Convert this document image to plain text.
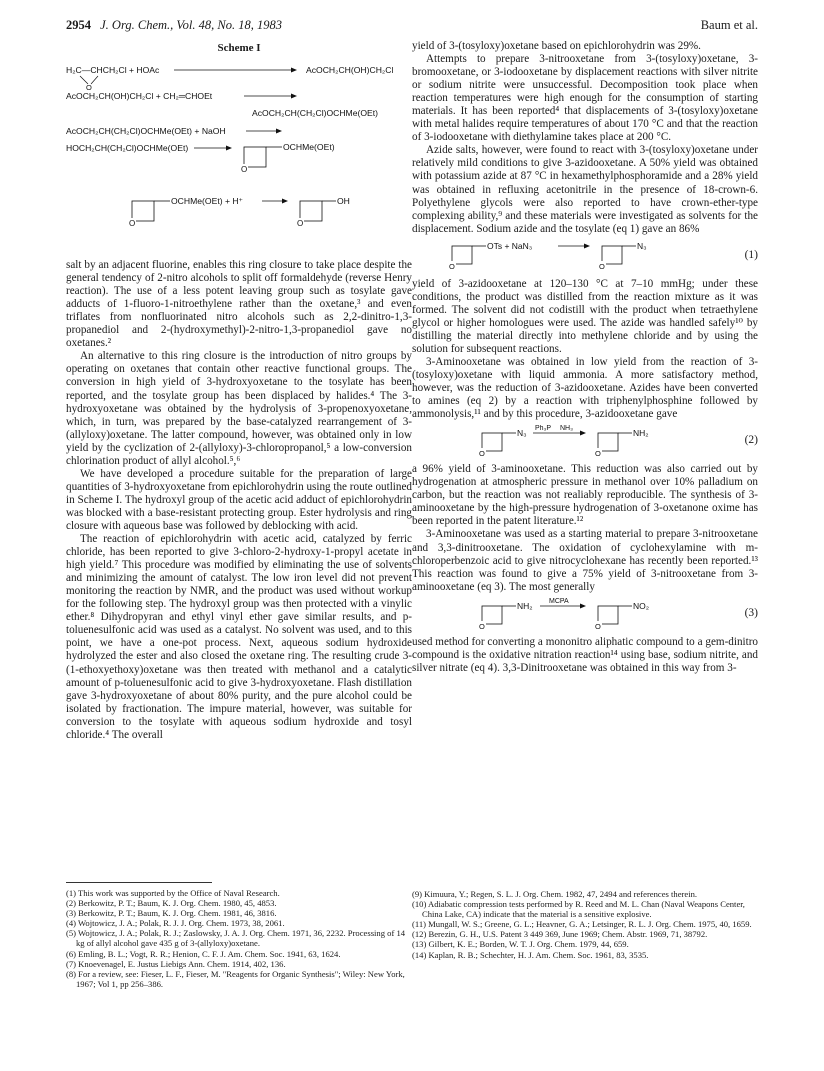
2954 J. Org. Chem., Vol. 48, No. 18, 1983	Baum et al.
Scheme I
H₂C—CHCH₂Cl + HOAc
O
AcOCH₂CH(OH)CH₂Cl
AcOCH₂CH(OH)CH₂Cl + CH₂═CHOEt
AcOCH₂CH(CH₂Cl)OCHMe(OEt)
AcOCH₂CH(CH₂Cl)OCHMe(OEt) + NaOH
HOCH₂CH(CH₂Cl)OCHMe(OEt)
O
OCHMe(OEt)
O
OCHMe(OEt) + H⁺
O
OH

salt by an adjacent fluorine, enables this ring closure to take place despite the general tendency of 2-nitro alcohols to split off formaldehyde (reverse Henry reaction). The use of a less potent leaving group such as tosylate gave adducts of 1-fluoro-1-nitroethylene rather than the oxetane,³ and even triflates from nonfluorinated nitro alcohols such as 2,2-dinitro-1,3-propanediol and 2-(hydroxymethyl)-2-nitro-1,3-propanediol gave no oxetanes.²

An alternative to this ring closure is the introduction of nitro groups by operating on oxetanes that contain other reactive functional groups. The conversion in high yield of 3-hydroxyoxetane to the tosylate has been reported, and the tosylate group has been displaced by halides.⁴ The 3-hydroxyoxetane was obtained by the hydrolysis of 3-propenoxyoxetane, which, in turn, was prepared by the base-catalyzed rearrangement of 3-(allyloxy)oxetane. The latter compound, however, was obtained only in low yield by the cyclization of 2-(allyloxy)-3-chloropropanol,⁵ a low-conversion chlorination product of allyl alcohol.⁵,⁶

We have developed a procedure suitable for the preparation of large quantities of 3-hydroxyoxetane from epichlorohydrin using the route outlined in Scheme I. The hydroxyl group of the acetic acid adduct of epichlorohydrin was blocked with a base-resistant protecting group. Ester hydrolysis and ring closure with aqueous base was followed by deblocking with acid.

The reaction of epichlorohydrin with acetic acid, catalyzed by ferric chloride, has been reported to give 3-chloro-2-hydroxy-1-propyl acetate in high yield.⁷ This procedure was modified by eliminating the use of solvents and minimizing the amount of catalyst. The low iron level did not prevent monitoring the reaction by NMR, and the product was used without workup for the following step. The hydroxyl group was then protected with a vinylic ether.⁸ Dihydropyran and ethyl vinyl ether gave similar results, and p-toluenesulfonic acid was used as a catalyst. No solvent was used, and to this point, we have a one-pot process. Next, aqueous sodium hydroxide hydrolyzed the ester and also closed the oxetane ring. The resulting crude 3-(1-ethoxyethoxy)oxetane was then treated with methanol and a catalytic amount of p-toluenesulfonic acid to give 3-hydroxyoxetane. Flash distillation gave 3-hydroxyoxetane of about 80% purity, and the pure alcohol could be isolated by fractionation. The impure material, however, was suitable for conversion to the tosylate with aqueous sodium hydroxide and tosyl chloride.⁴ The overall

yield of 3-(tosyloxy)oxetane based on epichlorohydrin was 29%.

Attempts to prepare 3-nitrooxetane from 3-(tosyloxy)oxetane, 3-bromooxetane, or 3-iodooxetane by displacement reactions with silver nitrite or sodium nitrite were unsuccessful. Decomposition took place when reaction temperatures were high enough for the consumption of starting materials. It has been reported⁴ that displacements of 3-(tosyloxy)oxetane with metal halides require temperatures of about 170 °C and that the reaction of 3-iodooxetane with diethylamine takes place at 200 °C.

Azide salts, however, were found to react with 3-(tosyloxy)oxetane under relatively mild conditions to give 3-azidooxetane. A 50% yield was obtained with potassium azide at 87 °C in hexamethylphosphoramide and a 28% yield was obtained in refluxing acetonitrile in the presence of 18-crown-6. Polyethylene glycols were also reported to have crown-ether-type complexing ability,⁹ and these materials were investigated as solvents for the displacement. Sodium azide and the tosylate (eq 1) gave an 86%

O
OTs + NaN₃
O
N₃
(1)

yield of 3-azidooxetane at 120–130 °C at 7–10 mmHg; under these conditions, the product was distilled from the reaction mixture as it was formed. The solvent did not codistill with the product when tetraethylene glycol or higher homologues were used. The azide was handled safely¹⁰ by distilling the material directly into methylene chloride and by using the solution for subsequent reactions.

3-Aminooxetane was obtained in low yield from the reaction of 3-(tosyloxy)oxetane with liquid ammonia. A more satisfactory method, however, was the reduction of 3-azidooxetane. Azides have been converted to amines (eq 2) by a reaction with triphenylphosphine followed by ammonolysis,¹¹ and by this procedure, 3-azidooxetane gave

O
N₃ Ph₃P NH₃
O
NH₂
(2)

a 96% yield of 3-aminooxetane. This reduction was also carried out by hydrogenation at atmospheric pressure in methanol over 10% palladium on carbon, but the reaction was not realiably reproducible. The synthesis of 3-aminooxetane by the high-pressure hydrogenation of 3-oxetanone oxime has been reported in the patent literature.¹²

3-Aminooxetane was used as a starting material to prepare 3-nitrooxetane and 3,3-dinitrooxetane. The oxidation of cyclohexylamine with m-chloroperbenzoic acid to give nitrocyclohexane has recently been reported.¹³ This reaction was found to give a 75% yield of 3-nitrooxetane from 3-aminooxetane (eq 3). The most generally

O
NH₂ MCPA
O
NO₂
(3)

used method for converting a mononitro aliphatic compound to a gem-dinitro compound is the oxidative nitration reaction¹⁴ using base, sodium nitrite, and silver nitrate (eq 4). 3,3-Dinitrooxetane was obtained in this way from 3-

(1) This work was supported by the Office of Naval Research.

(2) Berkowitz, P. T.; Baum, K. J. Org. Chem. 1980, 45, 4853.

(3) Berkowitz, P. T.; Baum, K. J. Org. Chem. 1981, 46, 3816.

(4) Wojtowicz, J. A.; Polak, R. J. J. Org. Chem. 1973, 38, 2061.

(5) Wojtowicz, J. A.; Polak, R. J.; Zaslowsky, J. A. J. Org. Chem. 1971, 36, 2232. Processing of 14 kg of allyl alcohol gave 435 g of 3-(allyloxy)oxetane.

(6) Emling, B. L.; Vogt, R. R.; Henion, C. F. J. Am. Chem. Soc. 1941, 63, 1624.

(7) Knoevenagel, E. Justus Liebigs Ann. Chem. 1914, 402, 136.

(8) For a review, see: Fieser, L. F., Fieser, M. "Reagents for Organic Synthesis"; Wiley: New York, 1967; Vol 1, pp 256–386.

(9) Kimuura, Y.; Regen, S. L. J. Org. Chem. 1982, 47, 2494 and references therein.

(10) Adiabatic compression tests performed by R. Reed and M. L. Chan (Naval Weapons Center, China Lake, CA) indicate that the material is a sensitive explosive.

(11) Mungall, W. S.; Greene, G. L.; Heavner, G. A.; Letsinger, R. L. J. Org. Chem. 1975, 40, 1659.

(12) Berezin, G. H., U.S. Patent 3 449 369, June 1969; Chem. Abstr. 1969, 71, 38792.

(13) Gilbert, K. E.; Borden, W. T. J. Org. Chem. 1979, 44, 659.

(14) Kaplan, R. B.; Schechter, H. J. Am. Chem. Soc. 1961, 83, 3535.
